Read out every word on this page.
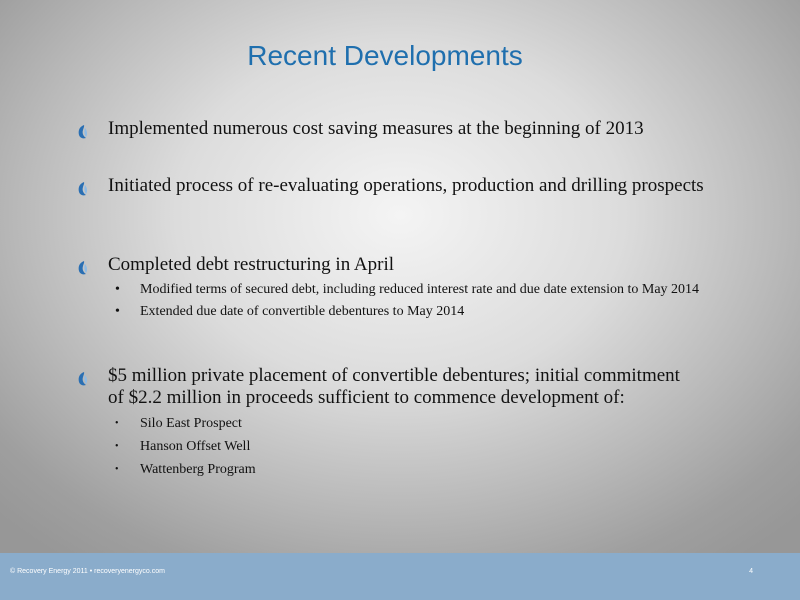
Recent Developments
Implemented numerous cost saving measures at the beginning of 2013
Initiated process of re-evaluating operations, production and drilling prospects
Completed debt restructuring in April
• Modified terms of secured debt, including reduced interest rate and due date extension to May 2014
• Extended due date of convertible debentures to May 2014
$5 million private placement of convertible debentures; initial commitment of $2.2 million in proceeds sufficient to commence development of:
• Silo East Prospect
• Hanson Offset Well
• Wattenberg Program
© Recovery Energy 2011 • recoveryenergyco.com	4
